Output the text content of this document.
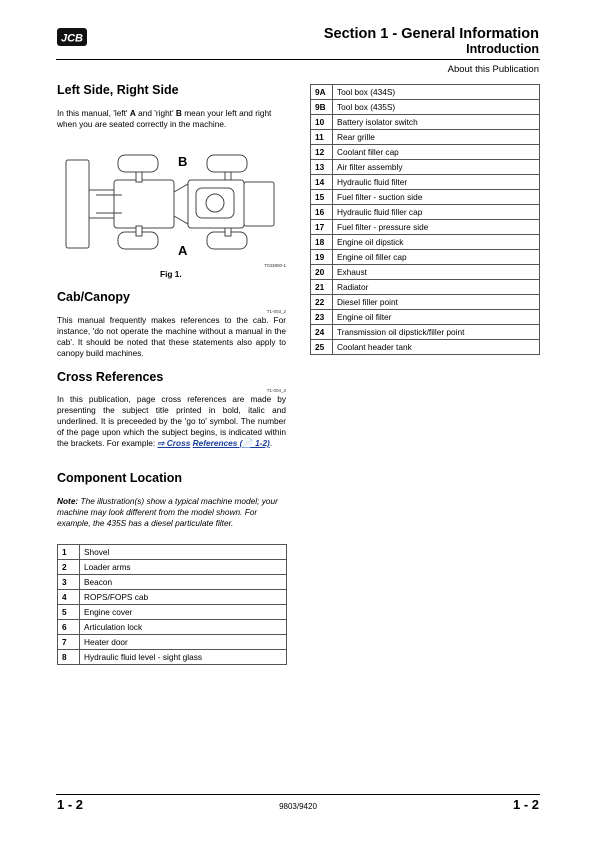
JCB	Section 1 - General Information
Introduction
About this Publication
Left Side, Right Side
In this manual, 'left' A and 'right' B mean your left and right when you are seated correctly in the machine.
B
A
T033800-1
Fig 1.
Cab/Canopy
T1-003_2
This manual frequently makes references to the cab. For instance, 'do not operate the machine without a manual in the cab'. It should be noted that these statements also apply to canopy build machines.
Cross References
T1-004_2
In this publication, page cross references are made by presenting the subject title printed in bold, italic and underlined. It is preceeded by the 'go to' symbol. The number of the page upon which the subject begins, is indicated within the brackets. For example: ⇨ Cross References (📄 1-2).
Component Location
Note: The illustration(s) show a typical machine model; your machine may look different from the model shown. For example, the 435S has a diesel particulate filter.
1	Shovel
2	Loader arms
3	Beacon
4	ROPS/FOPS cab
5	Engine cover
6	Articulation lock
7	Heater door
8	Hydraulic fluid level - sight glass
9A	Tool box (434S)
9B	Tool box (435S)
10	Battery isolator switch
11	Rear grille
12	Coolant filler cap
13	Air filter assembly
14	Hydraulic fluid filter
15	Fuel filter - suction side
16	Hydraulic fluid filler cap
17	Fuel filter - pressure side
18	Engine oil dipstick
19	Engine oil filler cap
20	Exhaust
21	Radiator
22	Diesel filler point
23	Engine oil filter
24	Transmission oil dipstick/filler point
25	Coolant header tank
1 - 2	9803/9420	1 - 2
